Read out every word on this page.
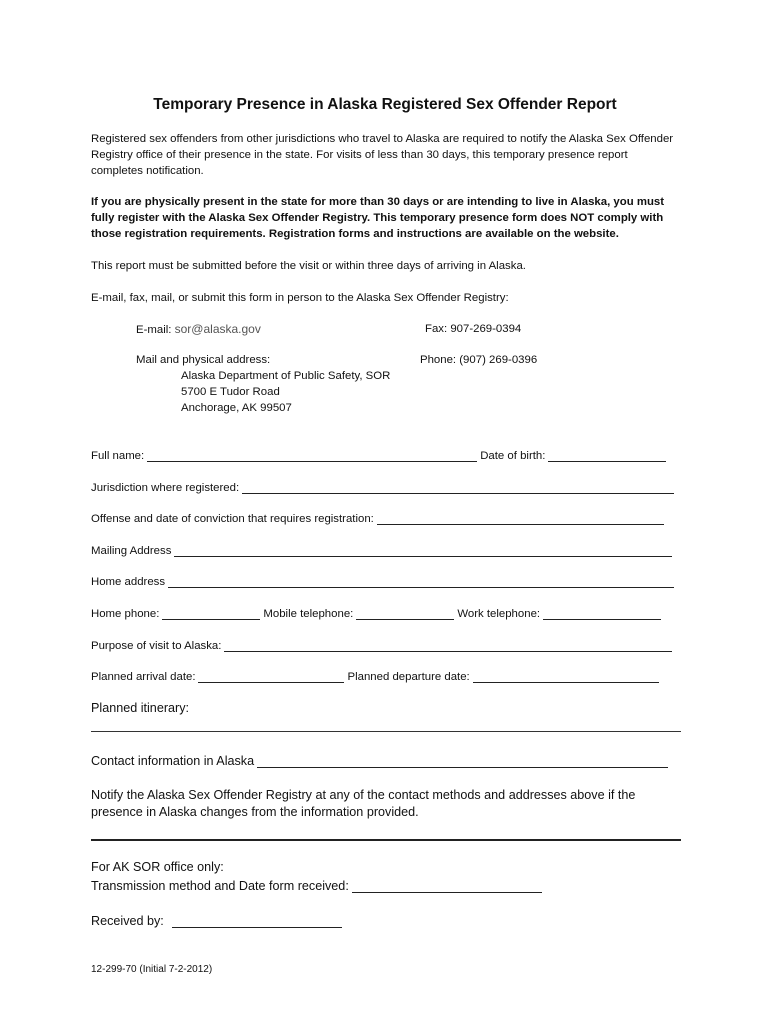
Temporary Presence in Alaska Registered Sex Offender Report
Registered sex offenders from other jurisdictions who travel to Alaska are required to notify the Alaska Sex Offender Registry office of their presence in the state. For visits of less than 30 days, this temporary presence report completes notification.
If you are physically present in the state for more than 30 days or are intending to live in Alaska, you must fully register with the Alaska Sex Offender Registry. This temporary presence form does NOT comply with those registration requirements. Registration forms and instructions are available on the website.
This report must be submitted before the visit or within three days of arriving in Alaska.
E-mail, fax, mail, or submit this form in person to the Alaska Sex Offender Registry:
E-mail: sor@alaska.gov	Fax: 907-269-0394
Mail and physical address:	Phone: (907) 269-0396
Alaska Department of Public Safety, SOR
5700 E Tudor Road
Anchorage, AK 99507
Full name:	Date of birth:
Jurisdiction where registered:
Offense and date of conviction that requires registration:
Mailing Address
Home address
Home phone:	Mobile telephone:	Work telephone:
Purpose of visit to Alaska:
Planned arrival date:	Planned departure date:
Planned itinerary:
Contact information in Alaska
Notify the Alaska Sex Offender Registry at any of the contact methods and addresses above if the presence in Alaska changes from the information provided.
For AK SOR office only:
Transmission method and Date form received:
Received by:
12-299-70 (Initial 7-2-2012)
